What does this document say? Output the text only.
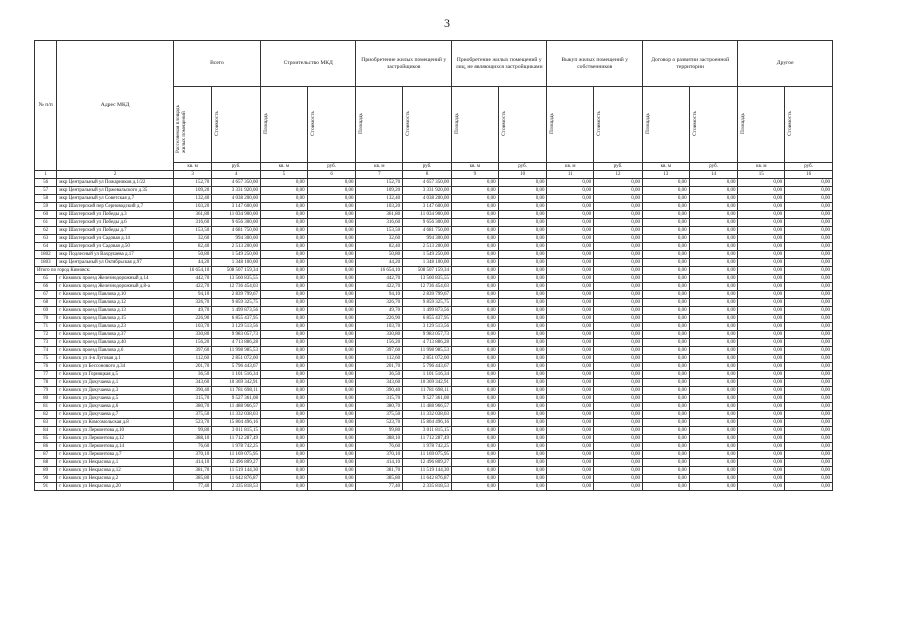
3
№ п/п	Адрес МКД	Всего		Строительство МКД		Приобретение жилых помещений у застройщиков		Приобретение жилых помещений у лиц, не являющихся застройщиками		Выкуп жилых помещений у собственников		Договор о развитии застроенной территории		Другое	
		Расселяемая площадь жилых помещений	Стоимость	Площадь	Стоимость	Площадь	Стоимость	Площадь	Стоимость	Площадь	Стоимость	Площадь	Стоимость	Площадь	Стоимость
		кв. м	руб.	кв. м	руб.	кв. м	руб.	кв. м	руб.	кв. м	руб.	кв. м	руб.	кв. м	руб.
1	2	3	4	5	6	7	8	9	10	11	12	13	14	15	16
56	мкр Центральный ул Пожарников д.1/22	152,70	4 657 350,00	0,00	0,00	152,70	4 657 350,00	0,00	0,00	0,00	0,00	0,00	0,00	0,00	0,00
57	мкр Центральный ул Пржевальского д.35	109,20	3 331 920,00	0,00	0,00	109,20	3 331 920,00	0,00	0,00	0,00	0,00	0,00	0,00	0,00	0,00
58	мкр Центральный ул Советская д.7	132,40	4 038 200,00	0,00	0,00	132,40	4 038 200,00	0,00	0,00	0,00	0,00	0,00	0,00	0,00	0,00
59	мкр Шахтерский пер Серноводский д.7	103,20	3 147 600,00	0,00	0,00	103,20	3 147 600,00	0,00	0,00	0,00	0,00	0,00	0,00	0,00	0,00
60	мкр Шахтерский ул Победы д.3	361,80	11 034 900,00	0,00	0,00	361,80	11 034 900,00	0,00	0,00	0,00	0,00	0,00	0,00	0,00	0,00
61	мкр Шахтерский ул Победы д.6	316,60	9 656 300,00	0,00	0,00	316,60	9 656 300,00	0,00	0,00	0,00	0,00	0,00	0,00	0,00	0,00
62	мкр Шахтерский ул Победы д.7	153,50	4 681 750,00	0,00	0,00	153,50	4 681 750,00	0,00	0,00	0,00	0,00	0,00	0,00	0,00	0,00
63	мкр Шахтерский ул Садовая д.14	32,60	994 300,00	0,00	0,00	32,60	994 300,00	0,00	0,00	0,00	0,00	0,00	0,00	0,00	0,00
64	мкр Шахтерский ул Садовая д.50	82,40	2 513 200,00	0,00	0,00	82,40	2 513 200,00	0,00	0,00	0,00	0,00	0,00	0,00	0,00	0,00
1802	мкр Подлесный ул Вахрушева д.17	50,80	1 549 250,00	0,00	0,00	50,80	1 549 250,00	0,00	0,00	0,00	0,00	0,00	0,00	0,00	0,00
1803	мкр Центральный ул Октябрьская д.97	44,20	1 348 100,00	0,00	0,00	44,20	1 348 100,00	0,00	0,00	0,00	0,00	0,00	0,00	0,00	0,00
Итого по город Кимовск:		16 654,10	508 507 159,34	0,00	0,00	16 654,10	508 507 159,34	0,00	0,00	0,00	0,00	0,00	0,00	0,00	0,00
65	г Кимовск проезд Железнодорожный д.14	442,70	13 560 835,55	0,00	0,00	442,70	13 560 835,55	0,00	0,00	0,00	0,00	0,00	0,00	0,00	0,00
66	г Кимовск проезд Железнодорожный д.8-а	422,70	12 736 454,03	0,00	0,00	422,70	12 736 454,03	0,00	0,00	0,00	0,00	0,00	0,00	0,00	0,00
67	г Кимовск проезд Павлова д.10	94,10	2 839 799,67	0,00	0,00	94,10	2 839 799,67	0,00	0,00	0,00	0,00	0,00	0,00	0,00	0,00
68	г Кимовск проезд Павлова д.12	326,70	9 859 325,75	0,00	0,00	326,70	9 859 325,75	0,00	0,00	0,00	0,00	0,00	0,00	0,00	0,00
69	г Кимовск проезд Павлова д.13	49,70	1 499 873,56	0,00	0,00	49,70	1 499 873,56	0,00	0,00	0,00	0,00	0,00	0,00	0,00	0,00
70	г Кимовск проезд Павлова д.15	226,90	6 855 437,95	0,00	0,00	226,90	6 855 437,95	0,00	0,00	0,00	0,00	0,00	0,00	0,00	0,00
71	г Кимовск проезд Павлова д.23	103,70	3 129 513,56	0,00	0,00	103,70	3 129 513,56	0,00	0,00	0,00	0,00	0,00	0,00	0,00	0,00
72	г Кимовск проезд Павлова д.37	330,80	9 983 057,73	0,00	0,00	330,80	9 983 057,73	0,00	0,00	0,00	0,00	0,00	0,00	0,00	0,00
73	г Кимовск проезд Павлова д.40	156,20	4 713 886,28	0,00	0,00	156,20	4 713 886,28	0,00	0,00	0,00	0,00	0,00	0,00	0,00	0,00
74	г Кимовск проезд Павлова д.6	397,60	11 998 985,53	0,00	0,00	397,60	11 998 985,53	0,00	0,00	0,00	0,00	0,00	0,00	0,00	0,00
75	г Кимовск ул 4-я Луговая д.1	112,60	2 851 072,00	0,00	0,00	112,60	2 851 072,00	0,00	0,00	0,00	0,00	0,00	0,00	0,00	0,00
76	г Кимовск ул Бессонового д.34	201,70	5 796 443,67	0,00	0,00	201,70	5 796 443,67	0,00	0,00	0,00	0,00	0,00	0,00	0,00	0,00
77	г Кимовск ул Горняцкая д.5	36,50	1 101 516,34	0,00	0,00	36,50	1 101 516,34	0,00	0,00	0,00	0,00	0,00	0,00	0,00	0,00
78	г Кимовск ул Докучаева д.1	343,60	10 369 342,91	0,00	0,00	343,60	10 369 342,91	0,00	0,00	0,00	0,00	0,00	0,00	0,00	0,00
79	г Кимовск ул Докучаева д.3	390,40	11 781 698,11	0,00	0,00	390,40	11 781 698,11	0,00	0,00	0,00	0,00	0,00	0,00	0,00	0,00
80	г Кимовск ул Докучаева д.5	315,70	9 527 361,08	0,00	0,00	315,70	9 527 361,08	0,00	0,00	0,00	0,00	0,00	0,00	0,00	0,00
81	г Кимовск ул Докучаева д.6	380,70	11 488 966,57	0,00	0,00	380,70	11 488 966,57	0,00	0,00	0,00	0,00	0,00	0,00	0,00	0,00
82	г Кимовск ул Докучаева д.7	375,50	11 332 038,03	0,00	0,00	375,50	11 332 038,03	0,00	0,00	0,00	0,00	0,00	0,00	0,00	0,00
83	г Кимовск ул Комсомольская д.8	523,70	15 804 496,16	0,00	0,00	523,70	15 804 496,16	0,00	0,00	0,00	0,00	0,00	0,00	0,00	0,00
84	г Кимовск ул Лермонтова д.10	99,80	3 011 815,15	0,00	0,00	99,80	3 011 815,15	0,00	0,00	0,00	0,00	0,00	0,00	0,00	0,00
85	г Кимовск ул Лермонтова д.12	388,10	11 712 287,49	0,00	0,00	388,10	11 712 287,49	0,00	0,00	0,00	0,00	0,00	0,00	0,00	0,00
86	г Кимовск ул Лермонтова д.14	76,60	1 978 742,25	0,00	0,00	76,60	1 978 742,25	0,00	0,00	0,00	0,00	0,00	0,00	0,00	0,00
87	г Кимовск ул Лермонтова д.7	370,10	11 169 075,95	0,00	0,00	370,10	11 169 075,95	0,00	0,00	0,00	0,00	0,00	0,00	0,00	0,00
88	г Кимовск ул Некрасова д.1	414,10	12 496 809,27	0,00	0,00	414,10	12 496 809,27	0,00	0,00	0,00	0,00	0,00	0,00	0,00	0,00
89	г Кимовск ул Некрасова д.12	381,70	11 519 144,30	0,00	0,00	381,70	11 519 144,30	0,00	0,00	0,00	0,00	0,00	0,00	0,00	0,00
90	г Кимовск ул Некрасова д.2	385,80	11 642 876,87	0,00	0,00	385,80	11 642 876,87	0,00	0,00	0,00	0,00	0,00	0,00	0,00	0,00
91	г Кимовск ул Некрасова д.20	77,40	2 335 818,53	0,00	0,00	77,40	2 335 818,53	0,00	0,00	0,00	0,00	0,00	0,00	0,00	0,00
